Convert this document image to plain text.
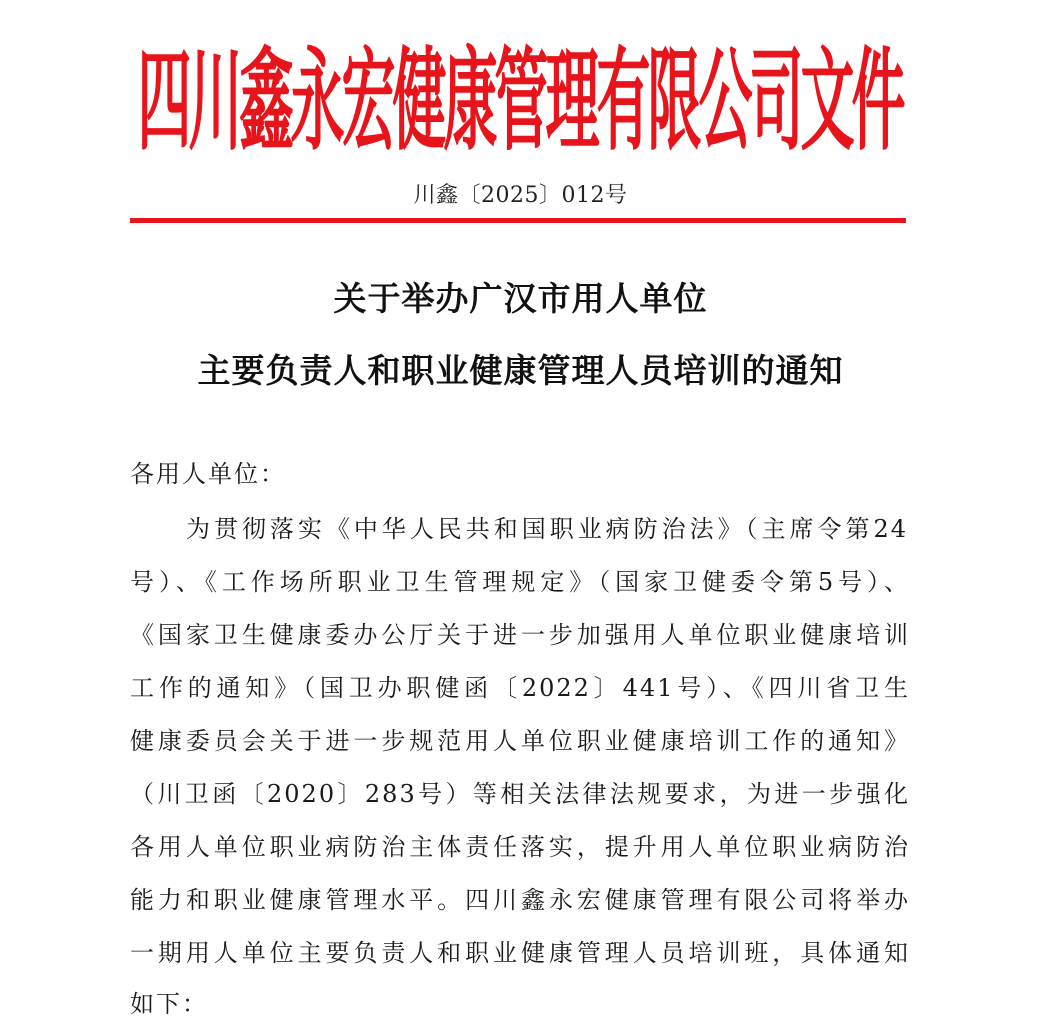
四川鑫永宏健康管理有限公司文件
川鑫〔2025〕012号
关于举办广汉市用人单位
主要负责人和职业健康管理人员培训的通知
各用人单位：
为贯彻落实《中华人民共和国职业病防治法》（主席令第24
号）、《工作场所职业卫生管理规定》（国家卫健委令第5号）、
《国家卫生健康委办公厅关于进一步加强用人单位职业健康培训
工作的通知》（国卫办职健函〔2022〕441号）、《四川省卫生
健康委员会关于进一步规范用人单位职业健康培训工作的通知》
（川卫函〔2020〕283号）等相关法律法规要求，为进一步强化
各用人单位职业病防治主体责任落实，提升用人单位职业病防治
能力和职业健康管理水平。四川鑫永宏健康管理有限公司将举办
一期用人单位主要负责人和职业健康管理人员培训班，具体通知
如下：
